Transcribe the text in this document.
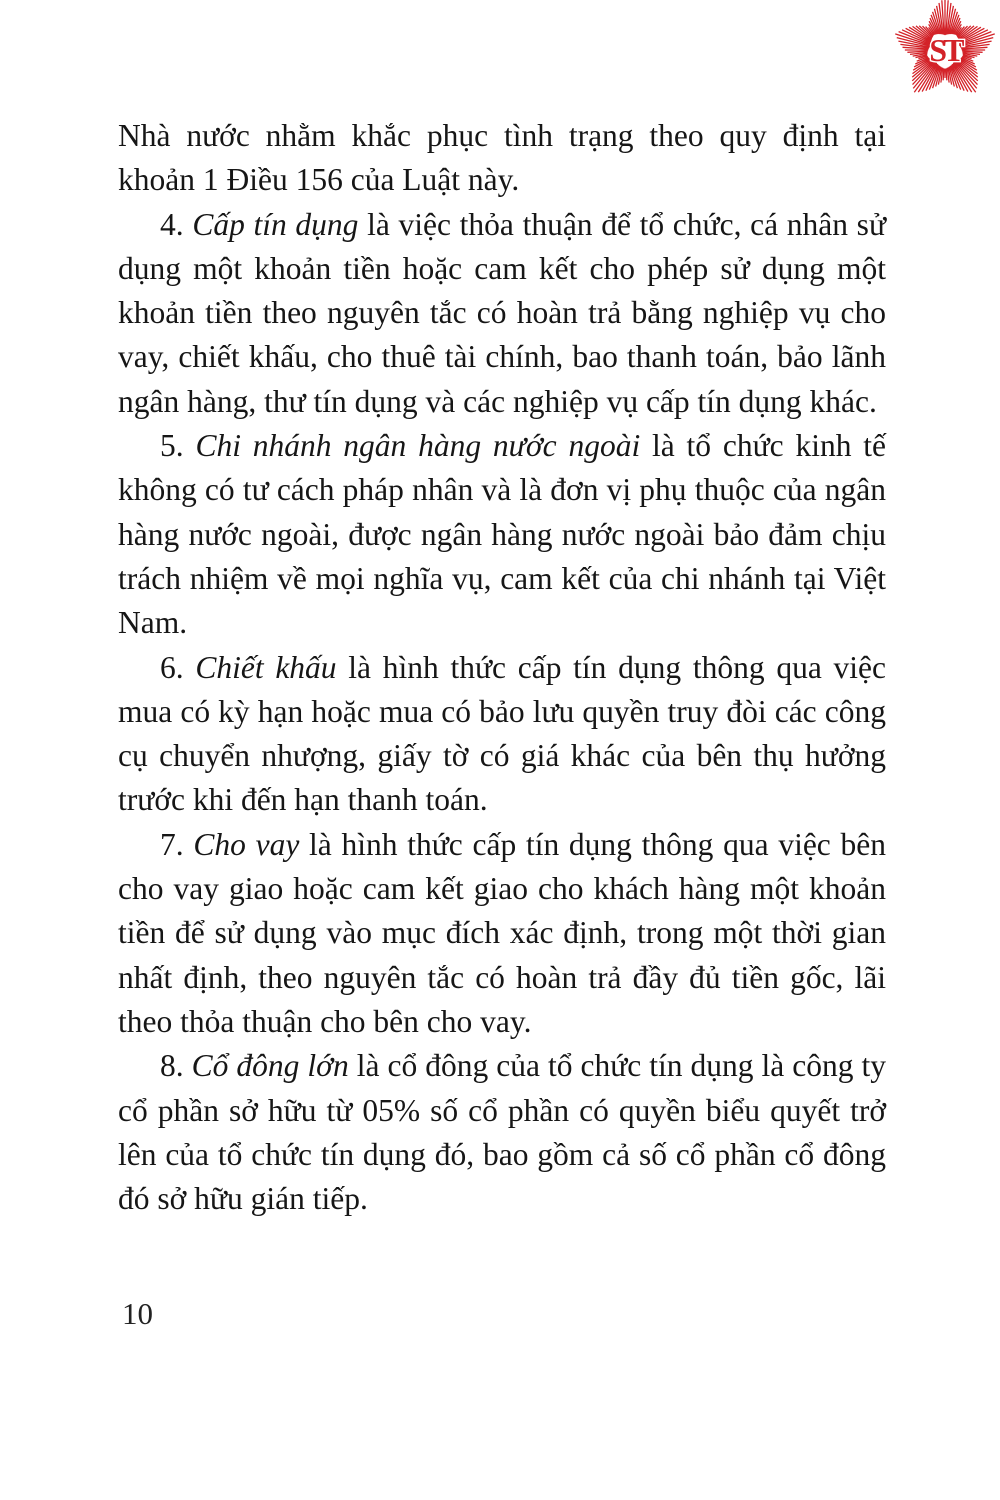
ST

Nhà nước nhằm khắc phục tình trạng theo quy định tại khoản 1 Điều 156 của Luật này.

4. Cấp tín dụng là việc thỏa thuận để tổ chức, cá nhân sử dụng một khoản tiền hoặc cam kết cho phép sử dụng một khoản tiền theo nguyên tắc có hoàn trả bằng nghiệp vụ cho vay, chiết khấu, cho thuê tài chính, bao thanh toán, bảo lãnh ngân hàng, thư tín dụng và các nghiệp vụ cấp tín dụng khác.

5. Chi nhánh ngân hàng nước ngoài là tổ chức kinh tế không có tư cách pháp nhân và là đơn vị phụ thuộc của ngân hàng nước ngoài, được ngân hàng nước ngoài bảo đảm chịu trách nhiệm về mọi nghĩa vụ, cam kết của chi nhánh tại Việt Nam.

6. Chiết khấu là hình thức cấp tín dụng thông qua việc mua có kỳ hạn hoặc mua có bảo lưu quyền truy đòi các công cụ chuyển nhượng, giấy tờ có giá khác của bên thụ hưởng trước khi đến hạn thanh toán.

7. Cho vay là hình thức cấp tín dụng thông qua việc bên cho vay giao hoặc cam kết giao cho khách hàng một khoản tiền để sử dụng vào mục đích xác định, trong một thời gian nhất định, theo nguyên tắc có hoàn trả đầy đủ tiền gốc, lãi theo thỏa thuận cho bên cho vay.

8. Cổ đông lớn là cổ đông của tổ chức tín dụng là công ty cổ phần sở hữu từ 05% số cổ phần có quyền biểu quyết trở lên của tổ chức tín dụng đó, bao gồm cả số cổ phần cổ đông đó sở hữu gián tiếp.

10
